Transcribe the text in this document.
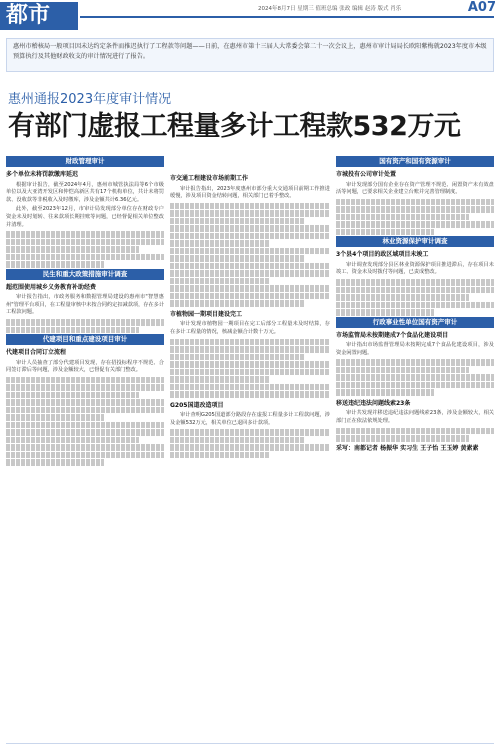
都市	2024年8月7日 星期三 值班总编 张政 编辑 赵涛 版式 肖乐	A07
惠州市稽核局一般项目因未达约定条件而推迟执行了工程款等问题——日前，在惠州市第十三届人大常委会第二十一次会议上，惠州市审计局局长欧阳紫梅就2023年度市本级预算执行及其他财政收支的审计情况进行了报告。
惠州通报2023年度审计情况
有部门虚报工程量多计工程款532万元
财政管理审计
多个单位未将罚款缴库延迟
根据审计报告，截至2024年4月，惠州市城管执法局等6个市级单位以及大亚湾开发区和仲恺高新区共有17个机构单位，共计未将罚款、没收款等非税收入及时缴库，涉及金额共计6.36亿元。
此外，截至2023年12月，市审计局发现部分单位存在财政专户资金未及时划转、往来款项长期挂账等问题，已经督促相关单位整改并清理。
民生和重大政策措施审计调查
超范围使用城乡义务教育补助经费
审计报告指出，市政务服务和数据管理局建设的惠州市"智慧惠州"管理平台项目，在工程量审核中未按合同约定扣减款项，存在多计工程款问题。
代建项目和重点建设项目审计
代建项目合同订立流程
审计人员抽查了部分代建项目发现，存在招投标程序不规范、合同签订滞后等问题，涉及金额较大，已督促有关部门整改。
市交通工程建设市场前期工作
审计报告指出，2023年度惠州市部分重大交通项目前期工作推进缓慢，涉及项目资金结转问题，相关部门已着手整改。
市植物园一期项目建设完工
审计发现市植物园一期项目在完工后部分工程量未及时结算，存在多计工程量的情况，核减金额合计数十万元。
G205国道改造项目
审计查明G205国道部分路段存在虚报工程量多计工程款问题，涉及金额532万元，相关单位已退回多计款项。
国有资产和国有资源审计
市城投有公司审计处置
审计发现部分国有企业存在资产管理不规范、闲置资产未有效盘活等问题，已要求相关企业建立台账并完善管理制度。
林业资源保护审计调查
3个县4个项目的政区域项目未竣工
审计调查发现部分县区林业资源保护项目推进滞后，存在项目未竣工、资金未及时拨付等问题，已责成整改。
行政事业性单位国有资产审计
市场监管局未按期建成7个食品化建设项目
审计指出市场监督管理局未按期完成7个食品化建设项目，涉及资金闲置问题。
移送违纪违法问题线索23条
审计共发现并移送违纪违法问题线索23条，涉及金额较大，相关部门正在依法依规处理。
采写：南都记者 杨振华 实习生 王子怡 王玉婷 黄素素
